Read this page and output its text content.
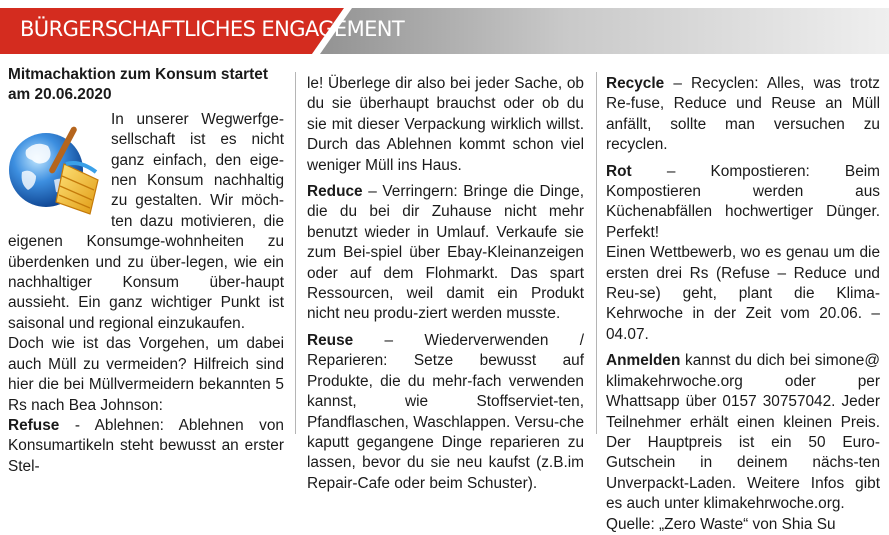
BÜRGERSCHAFTLICHES ENGAGEMENT
Mitmachaktion zum Konsum startet am 20.06.2020

In unserer Wegwerfge-sellschaft ist es nicht ganz einfach, den eige-nen Konsum nachhaltig zu gestalten. Wir möch-ten dazu motivieren, die eigenen Konsumge-wohnheiten zu überdenken und zu über-legen, wie ein nachhaltiger Konsum über-haupt aussieht. Ein ganz wichtiger Punkt ist saisonal und regional einzukaufen.

Doch wie ist das Vorgehen, um dabei auch Müll zu vermeiden? Hilfreich sind hier die bei Müllvermeidern bekannten 5 Rs nach Bea Johnson:

Refuse - Ablehnen: Ablehnen von Konsumartikeln steht bewusst an erster Stel-

le! Überlege dir also bei jeder Sache, ob du sie überhaupt brauchst oder ob du sie mit dieser Verpackung wirklich willst. Durch das Ablehnen kommt schon viel weniger Müll ins Haus.

Reduce – Verringern: Bringe die Dinge, die du bei dir Zuhause nicht mehr benutzt wieder in Umlauf. Verkaufe sie zum Bei-spiel über Ebay-Kleinanzeigen oder auf dem Flohmarkt. Das spart Ressourcen, weil damit ein Produkt nicht neu produ-ziert werden musste.

Reuse – Wiederverwenden / Reparieren: Setze bewusst auf Produkte, die du mehr-fach verwenden kannst, wie Stoffserviet-ten, Pfandflaschen, Waschlappen. Versu-che kaputt gegangene Dinge reparieren zu lassen, bevor du sie neu kaufst (z.B.im Repair-Cafe oder beim Schuster).

Recycle – Recyclen: Alles, was trotz Re-fuse, Reduce und Reuse an Müll anfällt, sollte man versuchen zu recyclen.

Rot – Kompostieren: Beim Kompostieren werden aus Küchenabfällen hochwertiger Dünger. Perfekt!

Einen Wettbewerb, wo es genau um die ersten drei Rs (Refuse – Reduce und Reu-se) geht, plant die Klima-Kehrwoche in der Zeit vom 20.06. – 04.07.

Anmelden kannst du dich bei simone@ klimakehrwoche.org oder per Whattsapp über 0157 30757042. Jeder Teilnehmer erhält einen kleinen Preis. Der Hauptpreis ist ein 50 Euro-Gutschein in deinem nächs-ten Unverpackt-Laden. Weitere Infos gibt es auch unter klimakehrwoche.org.

Quelle: „Zero Waste“ von Shia Su
